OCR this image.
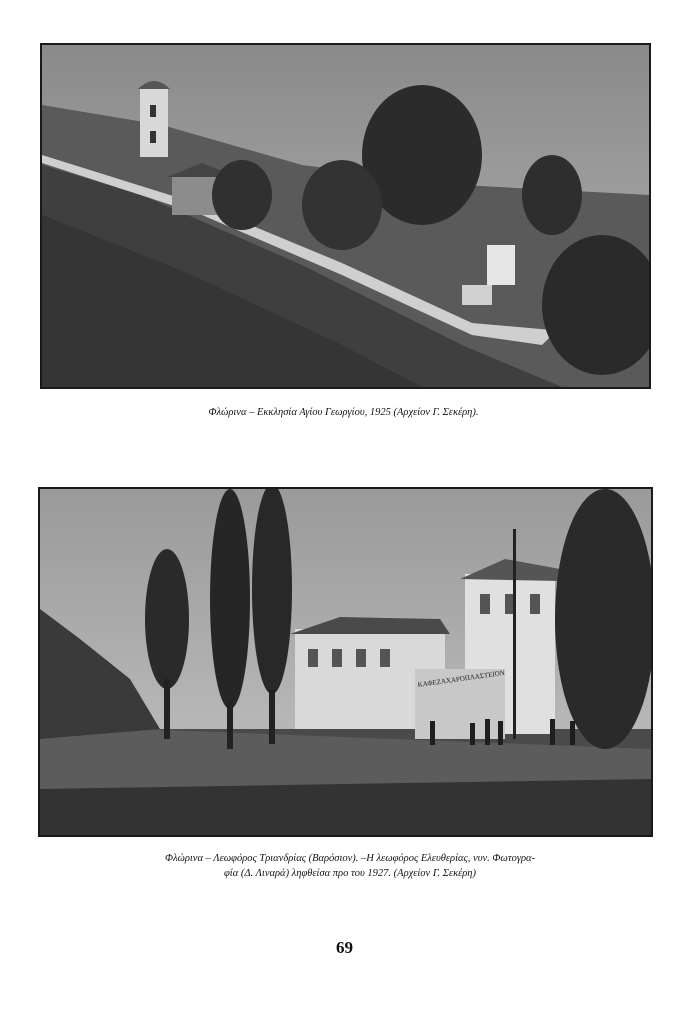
Φλώρινα – Εκκλησία Αγίου Γεωργίου, 1925 (Αρχείον Γ. Σεκέρη).
ΚΑΦΕΖΑΧΑΡΟΠΛΑΣΤΕΙΟΝ
Φλώρινα – Λεωφόρος Τριανδρίας (Βαρόσιον). –Η λεωφόρος Ελευθερίας, νυν. Φωτογρα-
φία (Δ. Λιναρά) ληφθείσα προ του 1927. (Αρχείον Γ. Σεκέρη)
69
